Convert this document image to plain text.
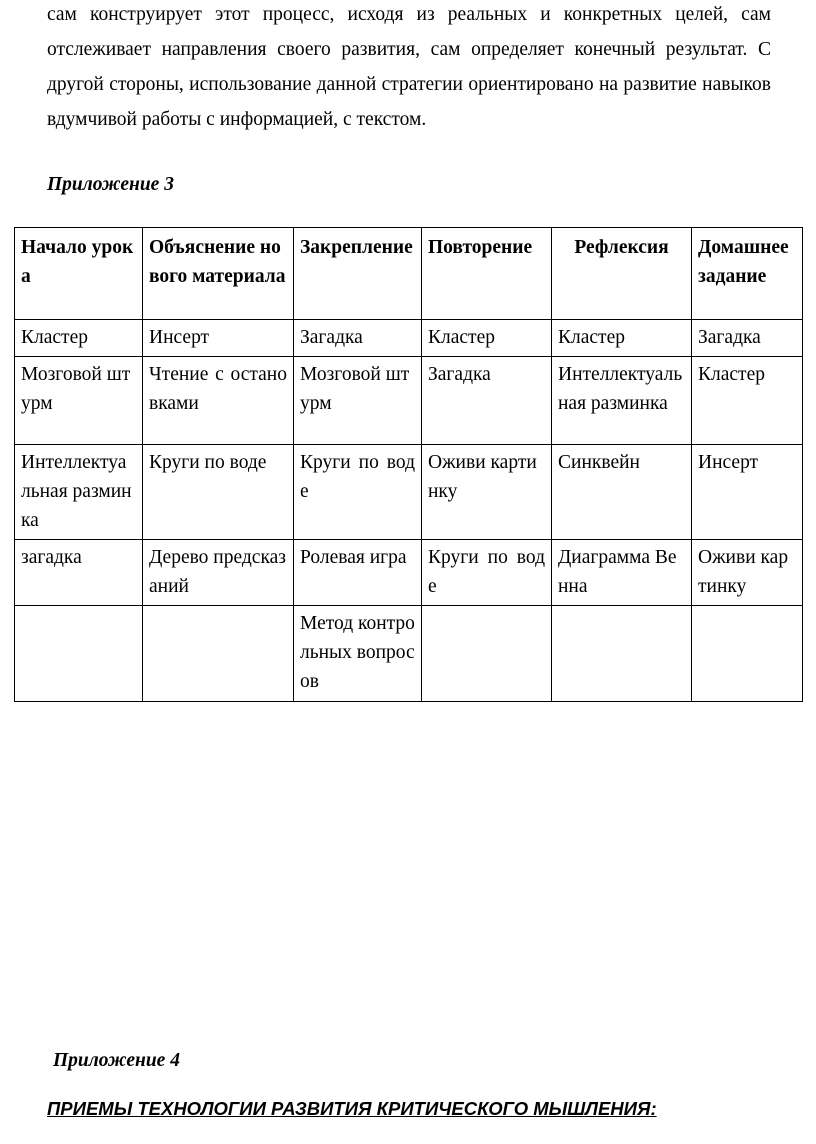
сам конструирует этот процесс, исходя из реальных и конкретных целей, сам отслеживает направления своего развития, сам определяет конечный результат. С другой стороны, использование данной стратегии ориентировано на развитие навыков вдумчивой работы с информацией, с текстом.

Приложение 3

Начало урока	Объяснение нового материала	Закрепление	Повторение	Рефлексия	Домашнее задание
Кластер	Инсерт	Загадка	Кластер	Кластер	Загадка
Мозговой штурм	Чтение с остановками	Мозговой штурм	Загадка	Интеллектуальная разминка	Кластер
Интеллектуальная разминка	Круги по воде	Круги по воде	Оживи картинку	Синквейн	Инсерт
загадка	Дерево предсказаний	Ролевая игра	Круги по воде	Диаграмма Венна	Оживи картинку
		Метод контрольных вопросов			

Приложение 4

ПРИЕМЫ ТЕХНОЛОГИИ РАЗВИТИЯ КРИТИЧЕСКОГО МЫШЛЕНИЯ:
